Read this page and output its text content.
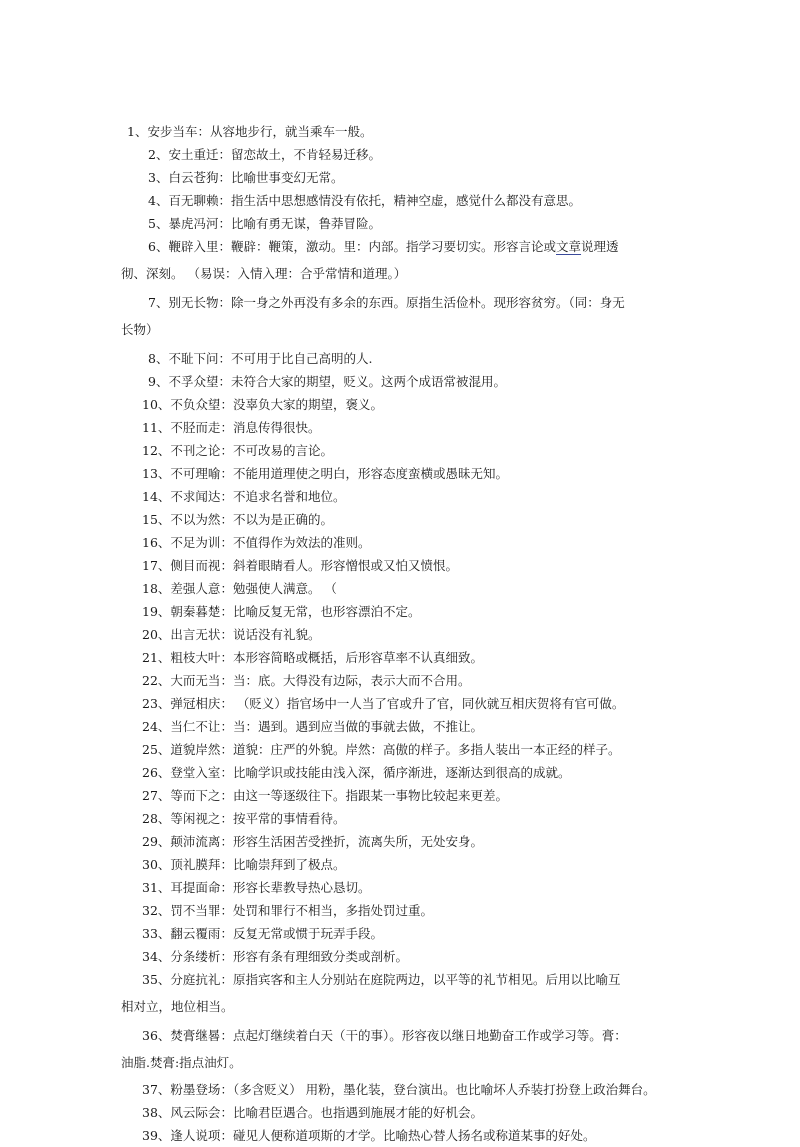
1、安步当车：从容地步行，就当乘车一般。
2、安土重迁：留恋故土，不肯轻易迁移。
3、白云苍狗：比喻世事变幻无常。
4、百无聊赖：指生活中思想感情没有依托，精神空虚，感觉什么都没有意思。
5、暴虎冯河：比喻有勇无谋，鲁莽冒险。
6、鞭辟入里：鞭辟：鞭策，激动。里：内部。指学习要切实。形容言论或文章说理透
彻、深刻。 （易误：入情入理：合乎常情和道理。）
7、别无长物：除一身之外再没有多余的东西。原指生活俭朴。现形容贫穷。（同：身无
长物）
8、不耻下问：不可用于比自己高明的人.
9、不孚众望：未符合大家的期望，贬义。这两个成语常被混用。
10、不负众望：没辜负大家的期望，褒义。
11、不胫而走：消息传得很快。
12、不刊之论：不可改易的言论。
13、不可理喻：不能用道理使之明白，形容态度蛮横或愚昧无知。
14、不求闻达：不追求名誉和地位。
15、不以为然：不以为是正确的。
16、不足为训：不值得作为效法的准则。
17、侧目而视：斜着眼睛看人。形容憎恨或又怕又愤恨。
18、差强人意：勉强使人满意。 （
19、朝秦暮楚：比喻反复无常，也形容漂泊不定。
20、出言无状：说话没有礼貌。
21、粗枝大叶：本形容简略或概括，后形容草率不认真细致。
22、大而无当：当：底。大得没有边际，表示大而不合用。
23、弹冠相庆： （贬义）指官场中一人当了官或升了官，同伙就互相庆贺将有官可做。
24、当仁不让：当：遇到。遇到应当做的事就去做，不推让。
25、道貌岸然：道貌：庄严的外貌。岸然：高傲的样子。多指人装出一本正经的样子。
26、登堂入室：比喻学识或技能由浅入深，循序渐进，逐渐达到很高的成就。
27、等而下之：由这一等逐级往下。指跟某一事物比较起来更差。
28、等闲视之：按平常的事情看待。
29、颠沛流离：形容生活困苦受挫折，流离失所，无处安身。
30、顶礼膜拜：比喻崇拜到了极点。
31、耳提面命：形容长辈教导热心恳切。
32、罚不当罪：处罚和罪行不相当，多指处罚过重。
33、翻云覆雨：反复无常或惯于玩弄手段。
34、分条缕析：形容有条有理细致分类或剖析。
35、分庭抗礼：原指宾客和主人分别站在庭院两边，以平等的礼节相见。后用以比喻互
相对立，地位相当。
36、焚膏继晷：点起灯继续着白天（干的事）。形容夜以继日地勤奋工作或学习等。膏：
油脂.焚膏:指点油灯。
37、粉墨登场：（多含贬义） 用粉，墨化装，登台演出。也比喻坏人乔装打扮登上政治舞台。
38、风云际会：比喻君臣遇合。也指遇到施展才能的好机会。
39、逢人说项：碰见人便称道项斯的才学。比喻热心替人扬名或称道某事的好处。
